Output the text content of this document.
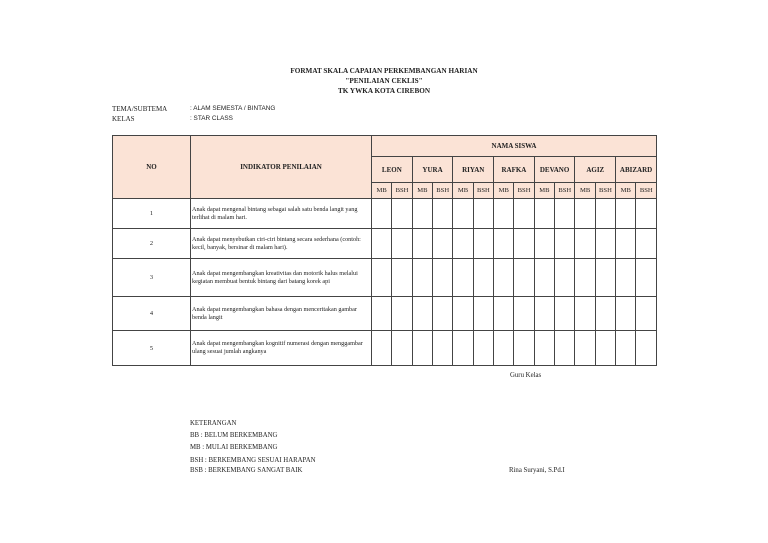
FORMAT SKALA CAPAIAN PERKEMBANGAN HARIAN
"PENILAIAN CEKLIS"
TK YWKA KOTA CIREBON
TEMA/SUBTEMA	: ALAM SEMESTA / BINTANG
KELAS	: STAR CLASS
NO	INDIKATOR PENILAIAN	NAMA SISWA													
		LEON		YURA		RIYAN		RAFKA		DEVANO		AGIZ		ABIZARD	
		MB	BSH	MB	BSH	MB	BSH	MB	BSH	MB	BSH	MB	BSH	MB	BSH
1	Anak dapat mengenal bintang sebagai salah satu benda langit yang terlihat di malam hari.														
2	Anak dapat menyebutkan ciri-ciri bintang secara sederhana (contoh: kecil, banyak, bersinar di malam hari).														
3	Anak dapat mengembangkan kreativitas dan motorik halus melalui kegiatan membuat bentuk bintang dari batang korek api														
4	Anak dapat mengembangkan bahasa dengan menceritakan gambar benda langit														
5	Anak dapat mengembangkan kognitif numerasi dengan menggambar ulang sesuai jumlah angkanya														
Guru Kelas
Rina Suryani, S.Pd.I
KETERANGAN
BB : BELUM BERKEMBANG
MB : MULAI BERKEMBANG
BSH : BERKEMBANG SESUAI HARAPAN
BSB : BERKEMBANG SANGAT BAIK
